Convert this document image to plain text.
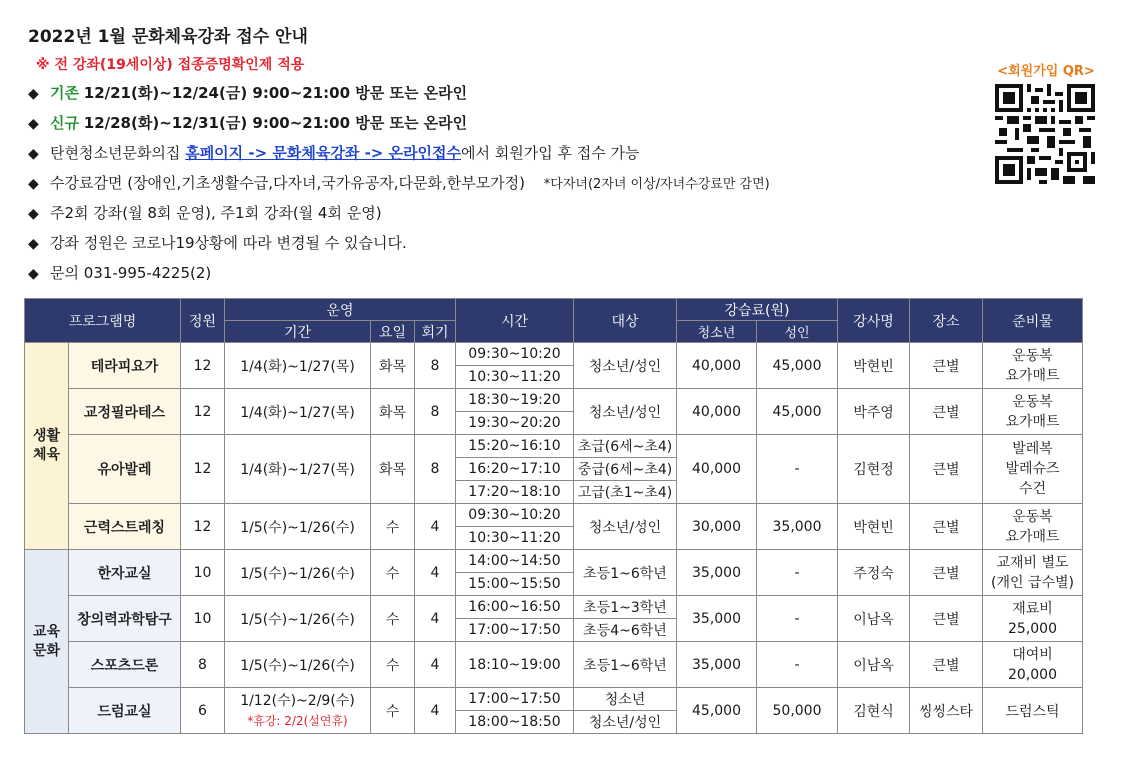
2022년 1월 문화체육강좌 접수 안내
※ 전 강좌(19세이상) 접종증명확인제 적용
◆ 기존 12/21(화)~12/24(금) 9:00~21:00 방문 또는 온라인
◆ 신규 12/28(화)~12/31(금) 9:00~21:00 방문 또는 온라인
◆ 탄현청소년문화의집 홈페이지 -> 문화체육강좌 -> 온라인접수에서 회원가입 후 접수 가능
◆ 수강료감면 (장애인,기초생활수급,다자녀,국가유공자,다문화,한부모가정) *다자녀(2자녀 이상/자녀수강료만 감면)
◆ 주2회 강좌(월 8회 운영), 주1회 강좌(월 4회 운영)
◆ 강좌 정원은 코로나19상황에 따라 변경될 수 있습니다.
◆ 문의 031-995-4225(2)
<회원가입 QR>
프로그램명		정원	운영			시간	대상	강습료(원)		강사명	장소	준비물
			기간	요일	회기			청소년	성인			
생활
체육	테라피요가	12	1/4(화)~1/27(목)	화목	8	09:30~10:20	청소년/성인	40,000	45,000	박현빈	큰별	운동복
요가매트
						10:30~11:20						
	교정필라테스	12	1/4(화)~1/27(목)	화목	8	18:30~19:20	청소년/성인	40,000	45,000	박주영	큰별	운동복
요가매트
						19:30~20:20						
	유아발레	12	1/4(화)~1/27(목)	화목	8	15:20~16:10	초급(6세~초4)	40,000	-	김현정	큰별	발레복
발레슈즈
수건
						16:20~17:10	중급(6세~초4)					
						17:20~18:10	고급(초1~초4)					
	근력스트레칭	12	1/5(수)~1/26(수)	수	4	09:30~10:20	청소년/성인	30,000	35,000	박현빈	큰별	운동복
요가매트
						10:30~11:20						
교육
문화	한자교실	10	1/5(수)~1/26(수)	수	4	14:00~14:50	초등1~6학년	35,000	-	주정숙	큰별	교재비 별도
(개인 급수별)
						15:00~15:50						
	창의력과학탐구	10	1/5(수)~1/26(수)	수	4	16:00~16:50	초등1~3학년	35,000	-	이남옥	큰별	재료비
25,000
						17:00~17:50	초등4~6학년					
	스포츠드론	8	1/5(수)~1/26(수)	수	4	18:10~19:00	초등1~6학년	35,000	-	이남옥	큰별	대여비
20,000
	드럼교실	6	1/12(수)~2/9(수)
*휴강: 2/2(설연휴)	수	4	17:00~17:50	청소년	45,000	50,000	김현식	씽씽스타	드럼스틱
						18:00~18:50	청소년/성인					
